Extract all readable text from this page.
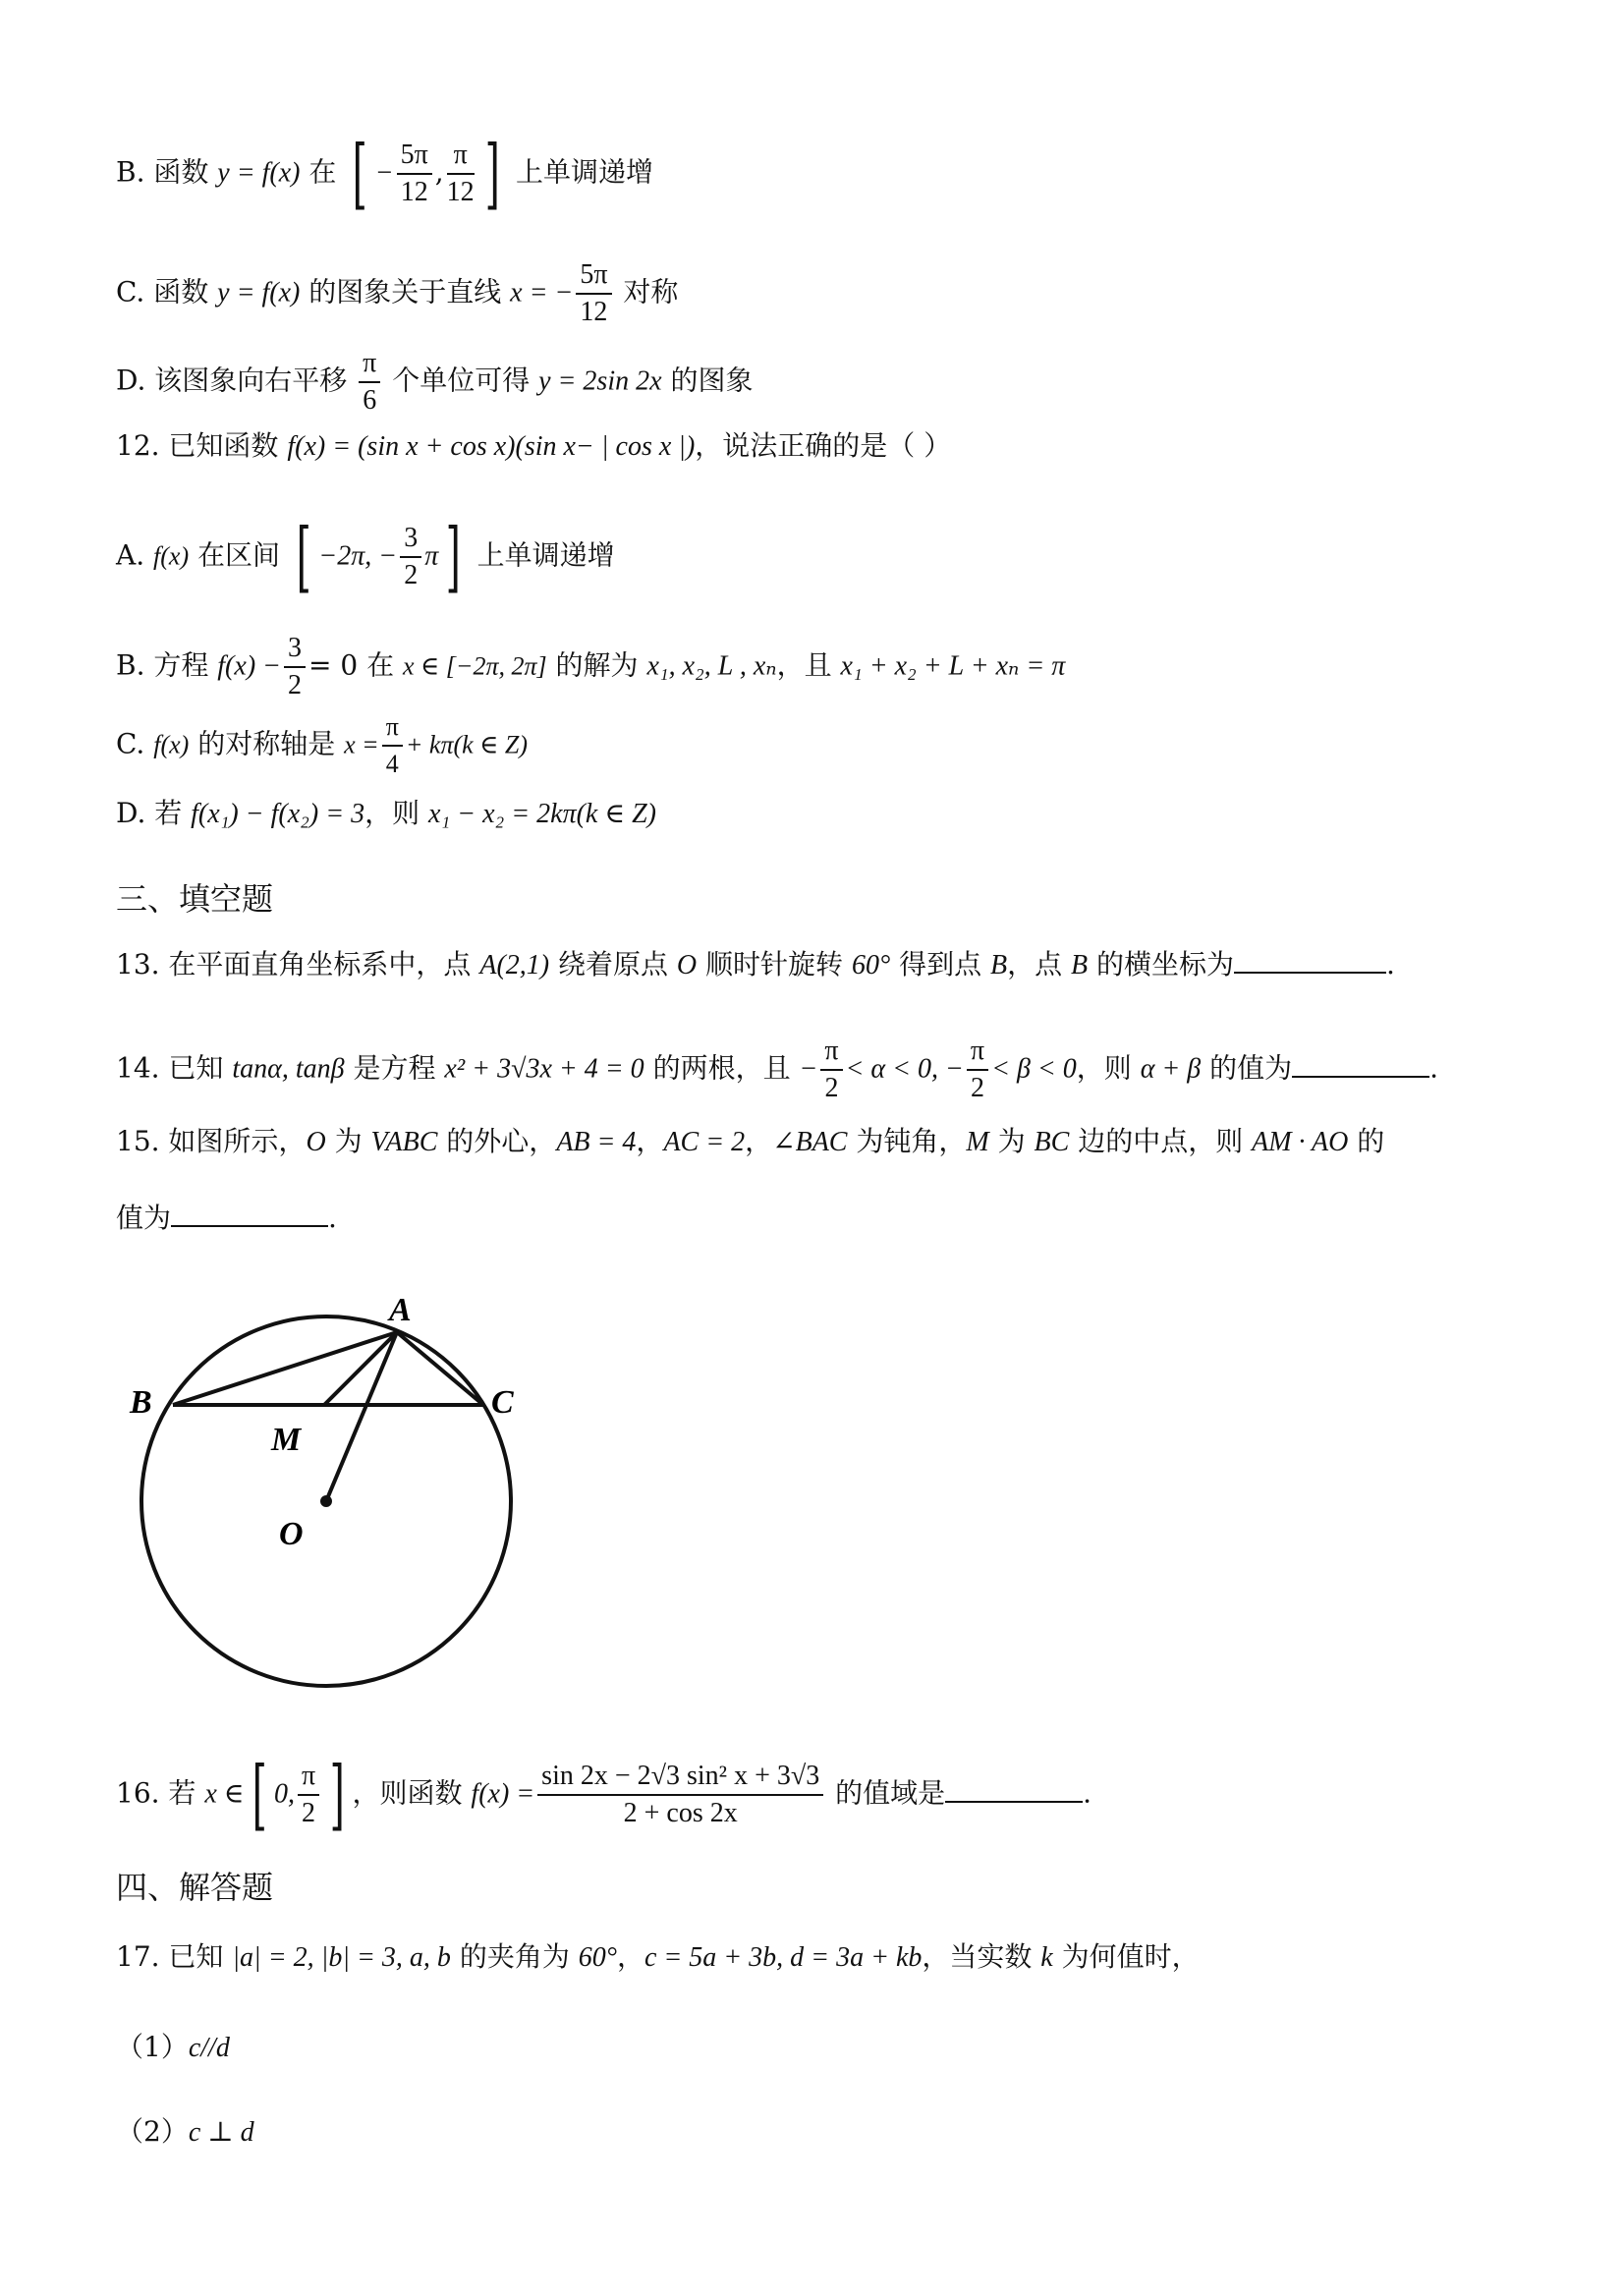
B. 函数 y = f(x) 在 [ − $\frac{5\pi}{12}$ , $\frac{\pi}{12}$ ] 上单调递增
C. 函数 y = f(x) 的图象关于直线 x = − $\frac{5\pi}{12}$ 对称
D. 该图象向右平移 $\frac{\pi}{6}$ 个单位可得 y = 2sin 2x 的图象
12. 已知函数 f(x) = (sin x + cos x)(sin x− | cos x |)，说法正确的是（ ）
A. f(x) 在区间 [ −2π, − $\frac{3}{2} \pi$] 上单调递增
B. 方程 $f(x) - \frac{3}{2} = 0$ 在 x ∈ [−2π, 2π] 的解为 x₁, x₂, L , xₙ，且 x₁ + x₂ + L + xₙ = π
C. f(x) 的对称轴是 $x = \frac{\pi}{4} + k\pi(k$ ∈ Z)
D. 若 f(x₁) − f(x₂) = 3，则 x₁ − x₂ = 2kπ(k ∈ Z)
三、填空题
13. 在平面直角坐标系中，点 A(2,1) 绕着原点 O 顺时针旋转 60° 得到点 B，点 B 的横坐标为	.
14. 已知 tanα, tanβ 是方程 x² + 3√3x + 4 = 0 的两根，且 − $\frac{\pi}{2} < \alpha < 0$, − $\frac{\pi}{2} < \beta < 0$，则 α + β 的值为	.
15. 如图所示，O 为 VABC 的外心，AB = 4，AC = 2，∠BAC 为钝角，M 为 BC 边的中点，则 AM · AO 的
值为	.
A
B	C
M
O
16. 若 x ∈[ 0, $\frac{\pi}{2}$ ] ，则函数 $f(x) = \frac{\text{sin 2x − 2√3 sin² x + 3√3}}{2 + \cos 2x}$ 的值域是	.
四、解答题
17. 已知 |a| = 2, |b| = 3, a, b 的夹角为 60°，c = 5a + 3b, d = 3a + kb，当实数 k 为何值时，
（1）c//d
（2）c ⊥ d
